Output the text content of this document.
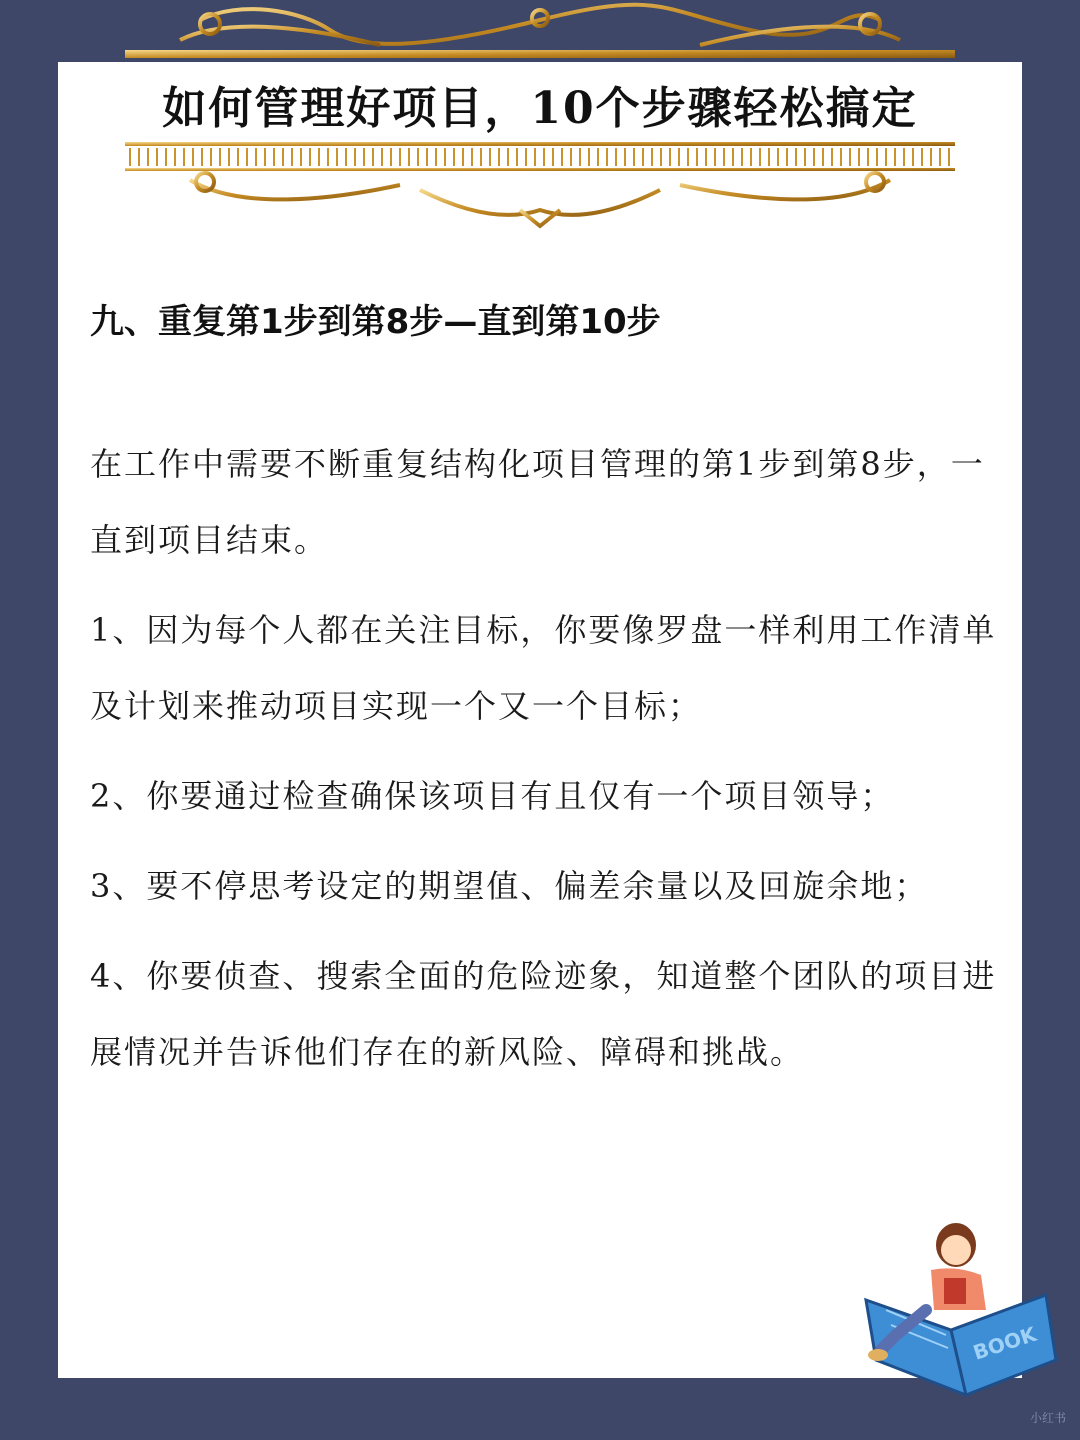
如何管理好项目，10个步骤轻松搞定
九、重复第1步到第8步—直到第10步

在工作中需要不断重复结构化项目管理的第1步到第8步，一直到项目结束。

1、因为每个人都在关注目标，你要像罗盘一样利用工作清单及计划来推动项目实现一个又一个目标；

2、你要通过检查确保该项目有且仅有一个项目领导；

3、要不停思考设定的期望值、偏差余量以及回旋余地；

4、你要侦查、搜索全面的危险迹象，知道整个团队的项目进展情况并告诉他们存在的新风险、障碍和挑战。

BOOK
小红书
